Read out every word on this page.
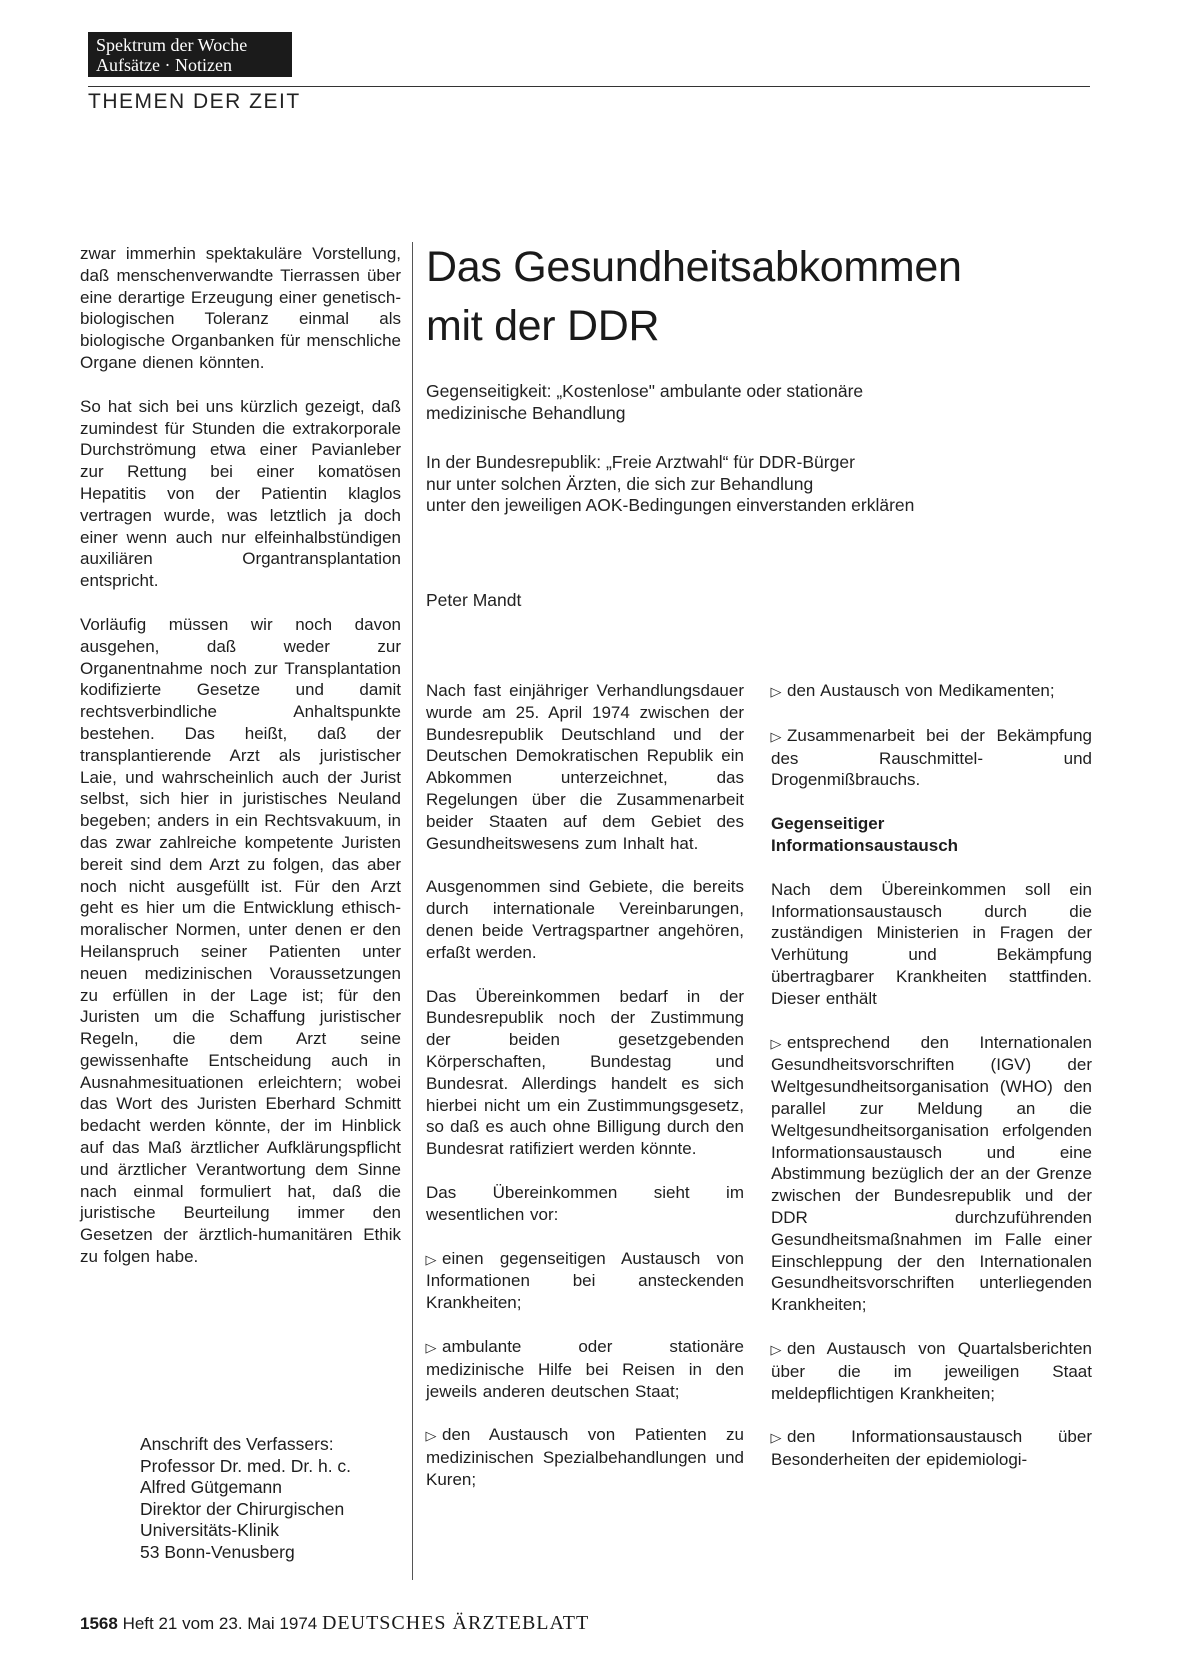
Spektrum der Woche
Aufsätze · Notizen
THEMEN DER ZEIT

zwar immerhin spektakuläre Vorstellung, daß menschenverwandte Tierrassen über eine derartige Erzeugung einer genetisch-biologischen Toleranz einmal als biologische Organbanken für menschliche Organe dienen könnten.

So hat sich bei uns kürzlich gezeigt, daß zumindest für Stunden die extrakorporale Durchströmung etwa einer Pavianleber zur Rettung bei einer komatösen Hepatitis von der Patientin klaglos vertragen wurde, was letztlich ja doch einer wenn auch nur elfeinhalbstündigen auxiliären Organtransplantation entspricht.

Vorläufig müssen wir noch davon ausgehen, daß weder zur Organentnahme noch zur Transplantation kodifizierte Gesetze und damit rechtsverbindliche Anhaltspunkte bestehen. Das heißt, daß der transplantierende Arzt als juristischer Laie, und wahrscheinlich auch der Jurist selbst, sich hier in juristisches Neuland begeben; anders in ein Rechtsvakuum, in das zwar zahlreiche kompetente Juristen bereit sind dem Arzt zu folgen, das aber noch nicht ausgefüllt ist. Für den Arzt geht es hier um die Entwicklung ethisch-moralischer Normen, unter denen er den Heilanspruch seiner Patienten unter neuen medizinischen Voraussetzungen zu erfüllen in der Lage ist; für den Juristen um die Schaffung juristischer Regeln, die dem Arzt seine gewissenhafte Entscheidung auch in Ausnahmesituationen erleichtern; wobei das Wort des Juristen Eberhard Schmitt bedacht werden könnte, der im Hinblick auf das Maß ärztlicher Aufklärungspflicht und ärztlicher Verantwortung dem Sinne nach einmal formuliert hat, daß die juristische Beurteilung immer den Gesetzen der ärztlich-humanitären Ethik zu folgen habe.

Anschrift des Verfassers:
Professor Dr. med. Dr. h. c.
Alfred Gütgemann
Direktor der Chirurgischen
Universitäts-Klinik
53 Bonn-Venusberg
Das Gesundheitsabkommen
mit der DDR
Gegenseitigkeit: „Kostenlose" ambulante oder stationäre
medizinische Behandlung
In der Bundesrepublik: „Freie Arztwahl“ für DDR-Bürger
nur unter solchen Ärzten, die sich zur Behandlung
unter den jeweiligen AOK-Bedingungen einverstanden erklären
Peter Mandt

Nach fast einjähriger Verhandlungsdauer wurde am 25. April 1974 zwischen der Bundesrepublik Deutschland und der Deutschen Demokratischen Republik ein Abkommen unterzeichnet, das Regelungen über die Zusammenarbeit beider Staaten auf dem Gebiet des Gesundheitswesens zum Inhalt hat.

Ausgenommen sind Gebiete, die bereits durch internationale Vereinbarungen, denen beide Vertragspartner angehören, erfaßt werden.

Das Übereinkommen bedarf in der Bundesrepublik noch der Zustimmung der beiden gesetzgebenden Körperschaften, Bundestag und Bundesrat. Allerdings handelt es sich hierbei nicht um ein Zustimmungsgesetz, so daß es auch ohne Billigung durch den Bundesrat ratifiziert werden könnte.

Das Übereinkommen sieht im wesentlichen vor:

▷ einen gegenseitigen Austausch von Informationen bei ansteckenden Krankheiten;

▷ ambulante oder stationäre medizinische Hilfe bei Reisen in den jeweils anderen deutschen Staat;

▷ den Austausch von Patienten zu medizinischen Spezialbehandlungen und Kuren;

▷ den Austausch von Medikamenten;

▷ Zusammenarbeit bei der Bekämpfung des Rauschmittel- und Drogenmißbrauchs.

Gegenseitiger
Informationsaustausch

Nach dem Übereinkommen soll ein Informationsaustausch durch die zuständigen Ministerien in Fragen der Verhütung und Bekämpfung übertragbarer Krankheiten stattfinden. Dieser enthält

▷ entsprechend den Internationalen Gesundheitsvorschriften (IGV) der Weltgesundheitsorganisation (WHO) den parallel zur Meldung an die Weltgesundheitsorganisation erfolgenden Informationsaustausch und eine Abstimmung bezüglich der an der Grenze zwischen der Bundesrepublik und der DDR durchzuführenden Gesundheitsmaßnahmen im Falle einer Einschleppung der den Internationalen Gesundheitsvorschriften unterliegenden Krankheiten;

▷ den Austausch von Quartalsberichten über die im jeweiligen Staat meldepflichtigen Krankheiten;

▷ den Informationsaustausch über Besonderheiten der epidemiologi-

1568 Heft 21 vom 23. Mai 1974 DEUTSCHES ÄRZTEBLATT
